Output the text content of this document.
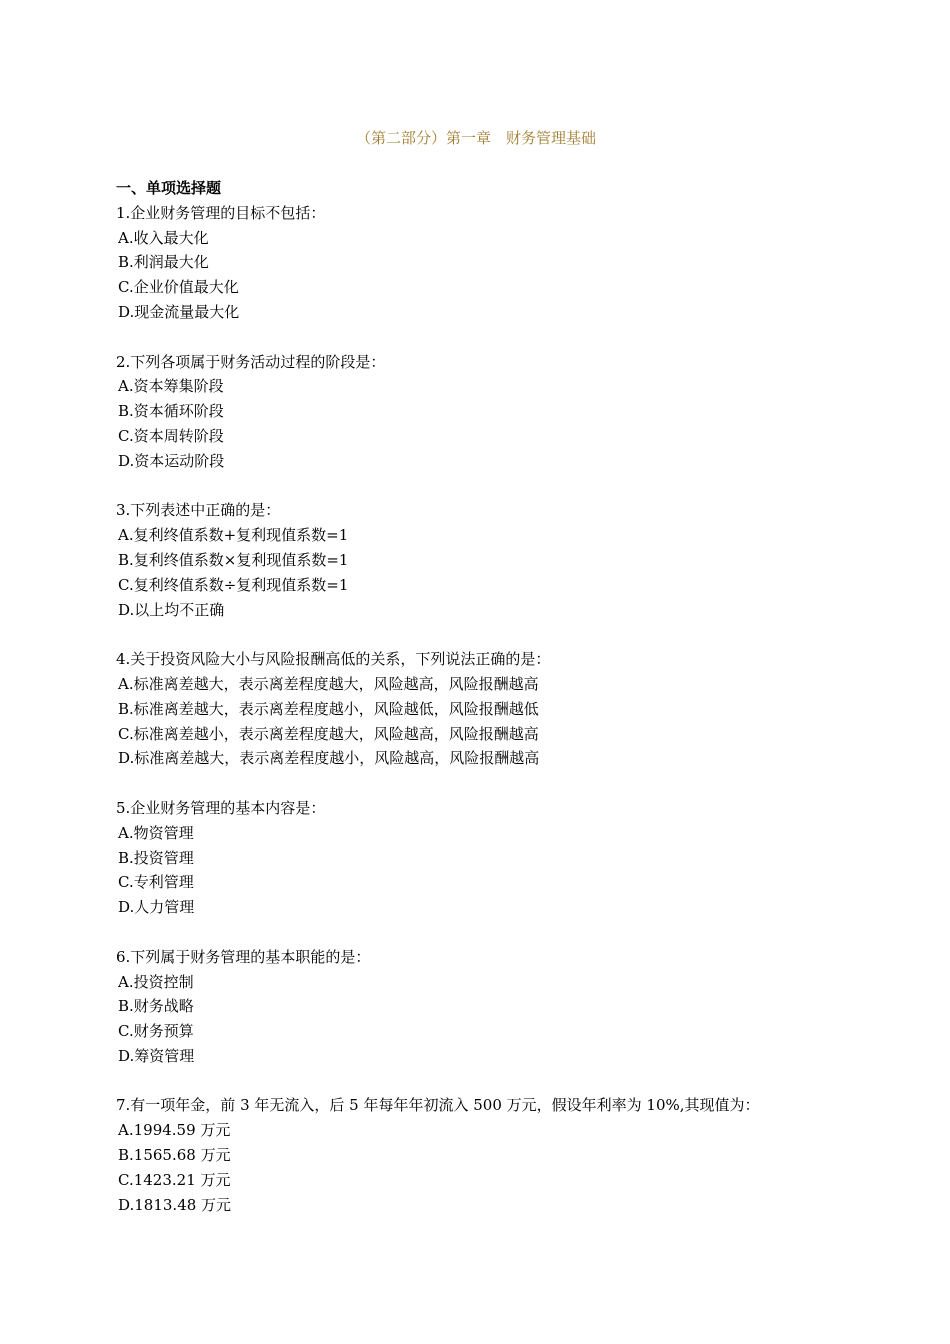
（第二部分）第一章　财务管理基础
一、单项选择题
1.企业财务管理的目标不包括：
A.收入最大化
B.利润最大化
C.企业价值最大化
D.现金流量最大化
2.下列各项属于财务活动过程的阶段是：
A.资本筹集阶段
B.资本循环阶段
C.资本周转阶段
D.资本运动阶段
3.下列表述中正确的是：
A.复利终值系数+复利现值系数=1
B.复利终值系数×复利现值系数=1
C.复利终值系数÷复利现值系数=1
D.以上均不正确
4.关于投资风险大小与风险报酬高低的关系，下列说法正确的是：
A.标准离差越大，表示离差程度越大，风险越高，风险报酬越高
B.标准离差越大，表示离差程度越小，风险越低，风险报酬越低
C.标准离差越小，表示离差程度越大，风险越高，风险报酬越高
D.标准离差越大，表示离差程度越小，风险越高，风险报酬越高
5.企业财务管理的基本内容是：
A.物资管理
B.投资管理
C.专利管理
D.人力管理
6.下列属于财务管理的基本职能的是：
A.投资控制
B.财务战略
C.财务预算
D.筹资管理
7.有一项年金，前 3 年无流入，后 5 年每年年初流入 500 万元，假设年利率为 10%,其现值为：
A.1994.59 万元
B.1565.68 万元
C.1423.21 万元
D.1813.48 万元
